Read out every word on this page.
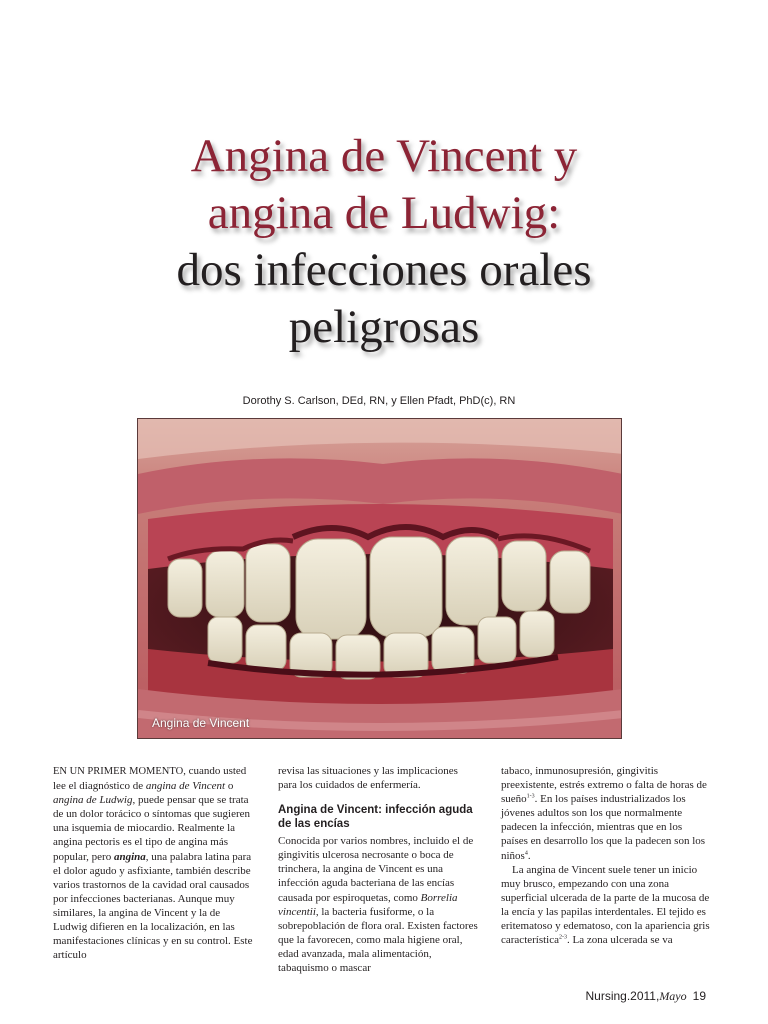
Angina de Vincent y
angina de Ludwig:
dos infecciones orales
peligrosas
Dorothy S. Carlson, DEd, RN, y Ellen Pfadt, PhD(c), RN
Angina de Vincent

EN UN PRIMER MOMENTO, cuando usted lee el diagnóstico de angina de Vincent o angina de Ludwig, puede pensar que se trata de un dolor torácico o síntomas que sugieren una isquemia de miocardio. Realmente la angina pectoris es el tipo de angina más popular, pero angina, una palabra latina para el dolor agudo y asfixiante, también describe varios trastornos de la cavidad oral causados por infecciones bacterianas. Aunque muy similares, la angina de Vincent y la de Ludwig difieren en la localización, en las manifestaciones clínicas y en su control. Este artículo

revisa las situaciones y las implicaciones para los cuidados de enfermería.

Angina de Vincent: infección aguda de las encías

Conocida por varios nombres, incluido el de gingivitis ulcerosa necrosante o boca de trinchera, la angina de Vincent es una infección aguda bacteriana de las encías causada por espiroquetas, como Borrelia vincentii, la bacteria fusiforme, o la sobrepoblación de flora oral. Existen factores que la favorecen, como mala higiene oral, edad avanzada, mala alimentación, tabaquismo o mascar

tabaco, inmunosupresión, gingivitis preexistente, estrés extremo o falta de horas de sueño$^{1-3}$. En los países industrializados los jóvenes adultos son los que normalmente padecen la infección, mientras que en los países en desarrollo los que la padecen son los niños$^4$.

La angina de Vincent suele tener un inicio muy brusco, empezando con una zona superficial ulcerada de la parte de la mucosa de la encía y las papilas interdentales. El tejido es eritematoso y edematoso, con la apariencia gris característica$^{2-3}$. La zona ulcerada se va

Nursing.2011,Mayo 19
